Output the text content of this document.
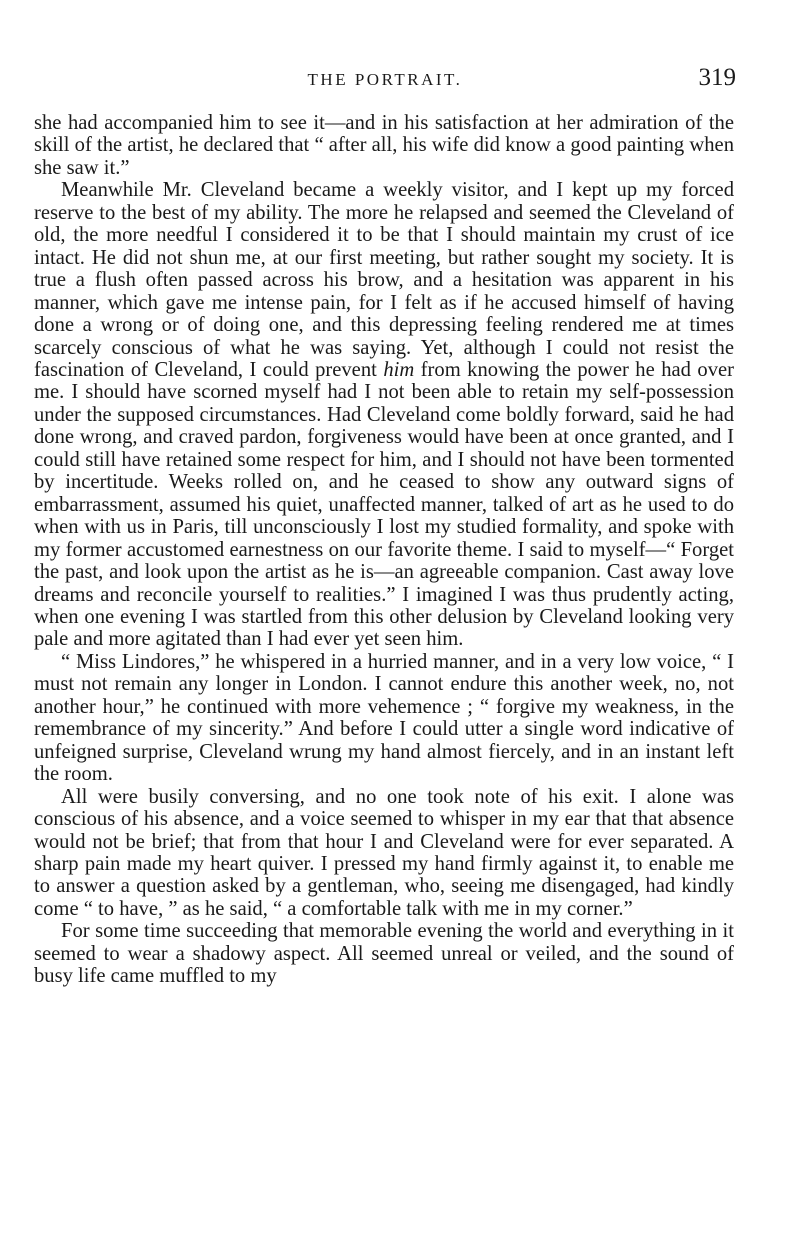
THE PORTRAIT.	319

she had accompanied him to see it—and in his satisfaction at her admiration of the skill of the artist, he declared that “ after all, his wife did know a good painting when she saw it.”

Meanwhile Mr. Cleveland became a weekly visitor, and I kept up my forced reserve to the best of my ability. The more he relapsed and seemed the Cleveland of old, the more needful I considered it to be that I should maintain my crust of ice intact. He did not shun me, at our first meeting, but rather sought my society. It is true a flush often passed across his brow, and a hesitation was apparent in his manner, which gave me intense pain, for I felt as if he accused himself of having done a wrong or of doing one, and this depressing feeling rendered me at times scarcely conscious of what he was saying. Yet, although I could not resist the fascination of Cleveland, I could prevent him from knowing the power he had over me. I should have scorned myself had I not been able to retain my self-possession under the supposed circumstances. Had Cleveland come boldly forward, said he had done wrong, and craved pardon, forgiveness would have been at once granted, and I could still have retained some respect for him, and I should not have been tormented by incertitude. Weeks rolled on, and he ceased to show any outward signs of embarrassment, assumed his quiet, unaffected manner, talked of art as he used to do when with us in Paris, till unconsciously I lost my studied formality, and spoke with my former accustomed earnestness on our favorite theme. I said to myself—“ Forget the past, and look upon the artist as he is—an agreeable companion. Cast away love dreams and reconcile yourself to realities.” I imagined I was thus prudently acting, when one evening I was startled from this other delusion by Cleveland looking very pale and more agitated than I had ever yet seen him.

“ Miss Lindores,” he whispered in a hurried manner, and in a very low voice, “ I must not remain any longer in London. I cannot endure this another week, no, not another hour,” he continued with more vehemence ; “ forgive my weakness, in the remembrance of my sincerity.” And before I could utter a single word indicative of unfeigned surprise, Cleveland wrung my hand almost fiercely, and in an instant left the room.

All were busily conversing, and no one took note of his exit. I alone was conscious of his absence, and a voice seemed to whisper in my ear that that absence would not be brief; that from that hour I and Cleveland were for ever separated. A sharp pain made my heart quiver. I pressed my hand firmly against it, to enable me to answer a question asked by a gentleman, who, seeing me disengaged, had kindly come “ to have, ” as he said, “ a comfortable talk with me in my corner.”

For some time succeeding that memorable evening the world and everything in it seemed to wear a shadowy aspect. All seemed unreal or veiled, and the sound of busy life came muffled to my
